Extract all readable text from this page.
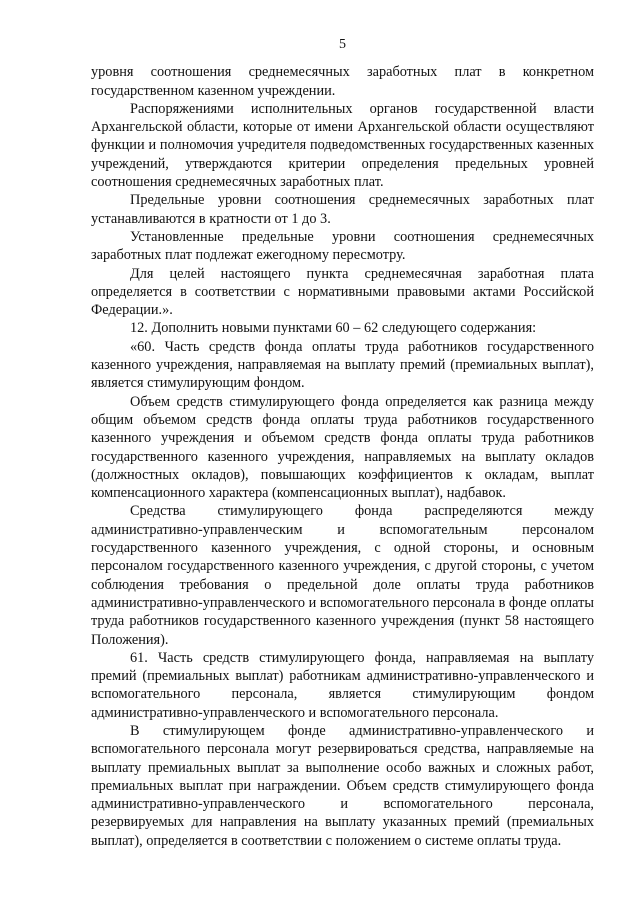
5

уровня соотношения среднемесячных заработных плат в конкретном государственном казенном учреждении.

Распоряжениями исполнительных органов государственной власти Архангельской области, которые от имени Архангельской области осуществляют функции и полномочия учредителя подведомственных государственных казенных учреждений, утверждаются критерии определения предельных уровней соотношения среднемесячных заработных плат.

Предельные уровни соотношения среднемесячных заработных плат устанавливаются в кратности от 1 до 3.

Установленные предельные уровни соотношения среднемесячных заработных плат подлежат ежегодному пересмотру.

Для целей настоящего пункта среднемесячная заработная плата определяется в соответствии с нормативными правовыми актами Российской Федерации.».

12. Дополнить новыми пунктами 60 – 62 следующего содержания:

«60. Часть средств фонда оплаты труда работников государственного казенного учреждения, направляемая на выплату премий (премиальных выплат), является стимулирующим фондом.

Объем средств стимулирующего фонда определяется как разница между общим объемом средств фонда оплаты труда работников государственного казенного учреждения и объемом средств фонда оплаты труда работников государственного казенного учреждения, направляемых на выплату окладов (должностных окладов), повышающих коэффициентов к окладам, выплат компенсационного характера (компенсационных выплат), надбавок.

Средства стимулирующего фонда распределяются между административно-управленческим и вспомогательным персоналом государственного казенного учреждения, с одной стороны, и основным персоналом государственного казенного учреждения, с другой стороны, с учетом соблюдения требования о предельной доле оплаты труда работников административно-управленческого и вспомогательного персонала в фонде оплаты труда работников государственного казенного учреждения (пункт 58 настоящего Положения).

61. Часть средств стимулирующего фонда, направляемая на выплату премий (премиальных выплат) работникам административно-управленческого и вспомогательного персонала, является стимулирующим фондом административно-управленческого и вспомогательного персонала.

В стимулирующем фонде административно-управленческого и вспомогательного персонала могут резервироваться средства, направляемые на выплату премиальных выплат за выполнение особо важных и сложных работ, премиальных выплат при награждении. Объем средств стимулирующего фонда административно-управленческого и вспомогательного персонала, резервируемых для направления на выплату указанных премий (премиальных выплат), определяется в соответствии с положением о системе оплаты труда.
